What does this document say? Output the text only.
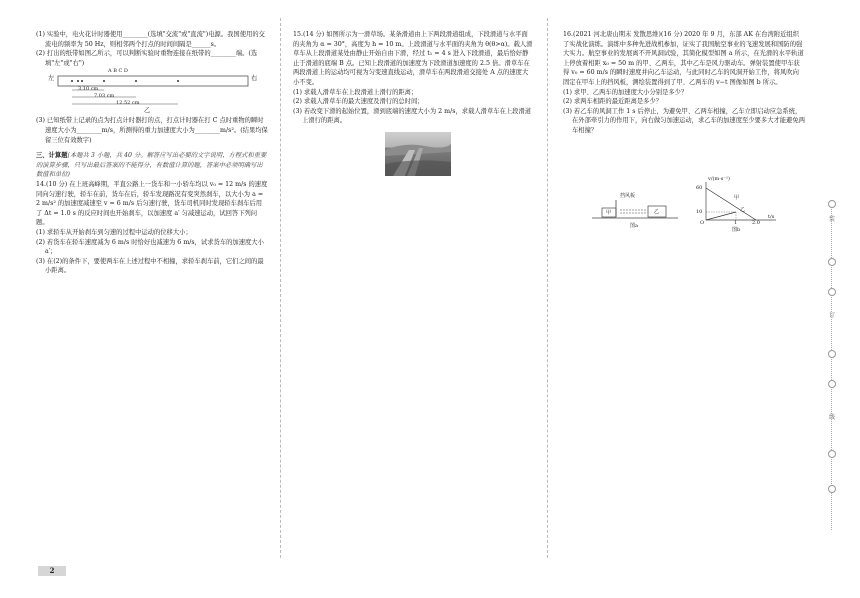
(1) 实验中，电火花计时器使用________(选填"交流"或"直流")电源。我国使用的交流电的频率为 50 Hz，则相邻两个打点的时间间隔是______s。

(2) 打出的纸带如图乙所示，可以判断实验时重物连接在纸带的________端。(选填"左"或"右")

左	右
A B C D
3.10 cm
7.03 cm
12.52 cm
乙

(3) 已知纸带上记录的点为打点计时器打的点，打点计时器在打 C 点时重物的瞬时速度大小为________m/s，所测得的重力加速度大小为________m/s²。(结果均保留三位有效数字)

三、计算题(本题共 3 小题，共 40 分。解答应写出必要的文字说明、方程式和重要的演算步骤，只写出最后答案的不能得分，有数值计算的题，答案中必须明确写出数值和单位)

14.(10 分) 在上班高峰期，平直公路上一货车和一小轿车均以 v₀ = 12 m/s 的速度同向匀速行驶，轿车在前，货车在后，轿车发现路况有变突然刹车，以大小为 a = 2 m/s² 的加速度减速至 v = 6 m/s 后匀速行驶，货车司机同时发现轿车刹车后用了 Δt = 1.0 s 的反应时间也开始刹车，以加速度 a′ 匀减速运动，试回答下列问题。

(1) 求轿车从开始刹车到匀速的过程中运动的位移大小；

(2) 若货车在轿车速度减为 6 m/s 时恰好也减速为 6 m/s，试求货车的加速度大小 a′；

(3) 在(2)的条件下，要使两车在上述过程中不相撞，求轿车刹车前，它们之间的最小距离。

15.(14 分) 如图所示为一滑草场。某条滑道由上下两段滑道组成，下段滑道与水平面的夹角为 α = 30°，高度为 h = 10 m。上段滑道与水平面的夹角为 θ(θ>α)。载人滑草车从上段滑道某处由静止开始自由下滑，经过 t₁ = 4 s 进入下段滑道，最后恰好静止于滑道的底端 B 点。已知上段滑道的加速度为下段滑道加速度的 2.5 倍。滑草车在两段滑道上的运动均可视为匀变速直线运动，滑草车在两段滑道交接处 A 点的速度大小不变。

(1) 求载人滑草车在上段滑道上滑行的距离；

(2) 求载人滑草车的最大速度及滑行的总时间；

(3) 若改变下滑的起始位置，滑到底端的速度大小为 2 m/s，求载人滑草车在上段滑道上滑行的距离。

16.(2021 河北唐山期末 发散思维)(16 分) 2020 年 9 月，东部 AK 在台湾附近组织了实战化演练。演练中多种先进战机参加，证实了我国航空事业的飞速发展和国防的强大实力。航空事业的发展离不开风洞试验，其简化模型如图 a 所示，在光滑的水平轨道上停放着相距 x₀ = 50 m 的甲、乙两车，其中乙车是风力驱动车。弹射装置使甲车获得 v₀ = 60 m/s 的瞬时速度并向乙车运动，与此同时乙车的风洞开始工作，将风吹向固定在甲车上的挡风板，测绘装置得到了甲、乙两车的 v−t 图像如图 b 所示。

(1) 求甲、乙两车的加速度大小分别是多少？

(2) 求两车相距的最近距离是多少？

(3) 若乙车的风洞工作 1 s 后停止，为避免甲、乙两车相撞，乙车立即启动应急系统，在外部牵引力的作用下，向右做匀加速运动，求乙车的加速度至少要多大才能避免两车相撞？

挡风板
甲	乙
图a
v/(m·s⁻¹)
60
10
O	1	2.0
t/s
甲
乙
图b
装
订
线
2
